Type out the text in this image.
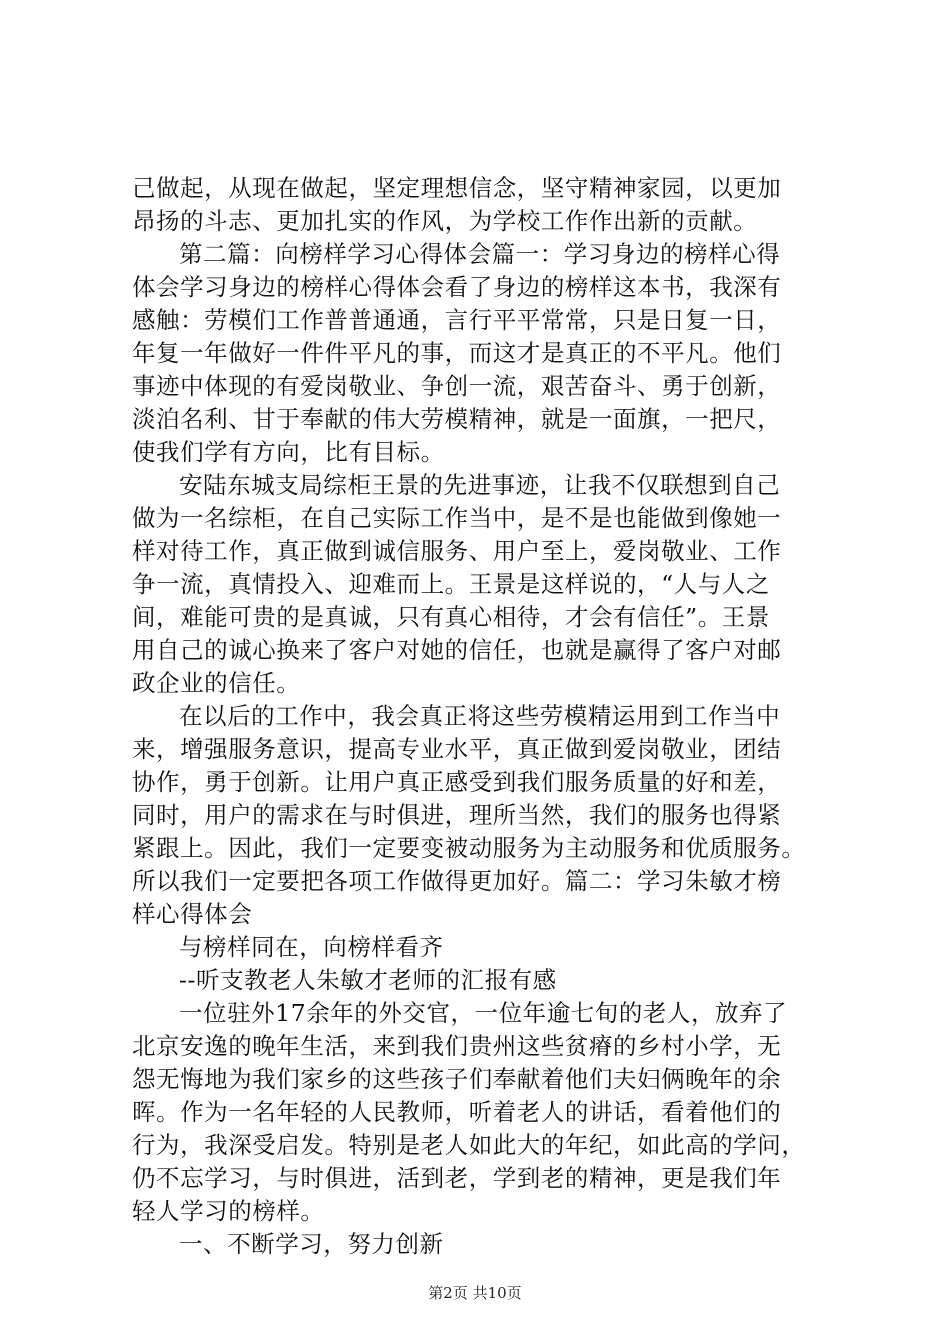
己做起，从现在做起，坚定理想信念，坚守精神家园，以更加
昂扬的斗志、更加扎实的作风，为学校工作作出新的贡献。
第二篇：向榜样学习心得体会篇一：学习身边的榜样心得
体会学习身边的榜样心得体会看了身边的榜样这本书，我深有
感触：劳模们工作普普通通，言行平平常常，只是日复一日，
年复一年做好一件件平凡的事，而这才是真正的不平凡。他们
事迹中体现的有爱岗敬业、争创一流，艰苦奋斗、勇于创新，
淡泊名利、甘于奉献的伟大劳模精神，就是一面旗，一把尺，
使我们学有方向，比有目标。
安陆东城支局综柜王景的先进事迹，让我不仅联想到自己
做为一名综柜，在自己实际工作当中，是不是也能做到像她一
样对待工作，真正做到诚信服务、用户至上，爱岗敬业、工作
争一流，真情投入、迎难而上。王景是这样说的，“人与人之
间，难能可贵的是真诚，只有真心相待，才会有信任”。王景
用自己的诚心换来了客户对她的信任，也就是赢得了客户对邮
政企业的信任。
在以后的工作中，我会真正将这些劳模精运用到工作当中
来，增强服务意识，提高专业水平，真正做到爱岗敬业，团结
协作，勇于创新。让用户真正感受到我们服务质量的好和差，
同时，用户的需求在与时俱进，理所当然，我们的服务也得紧
紧跟上。因此，我们一定要变被动服务为主动服务和优质服务。
所以我们一定要把各项工作做得更加好。篇二：学习朱敏才榜
样心得体会
与榜样同在，向榜样看齐
--听支教老人朱敏才老师的汇报有感
一位驻外17余年的外交官，一位年逾七旬的老人，放弃了
北京安逸的晚年生活，来到我们贵州这些贫瘠的乡村小学，无
怨无悔地为我们家乡的这些孩子们奉献着他们夫妇俩晚年的余
晖。作为一名年轻的人民教师，听着老人的讲话，看着他们的
行为，我深受启发。特别是老人如此大的年纪，如此高的学问，
仍不忘学习，与时俱进，活到老，学到老的精神，更是我们年
轻人学习的榜样。
一、不断学习，努力创新
第2页 共10页
